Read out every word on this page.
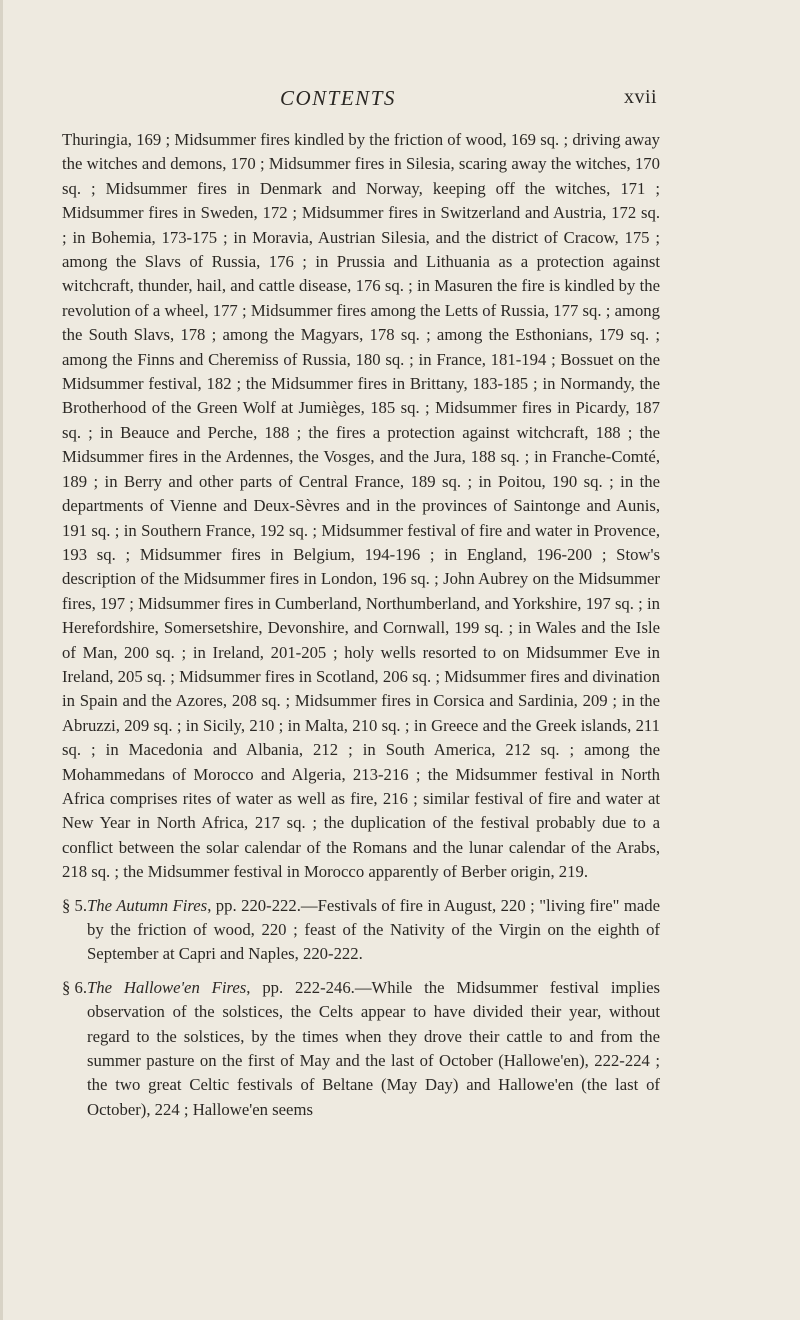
CONTENTS	xvii

Thuringia, 169 ; Midsummer fires kindled by the friction of wood, 169 sq. ; driving away the witches and demons, 170 ; Midsummer fires in Silesia, scaring away the witches, 170 sq. ; Midsummer fires in Denmark and Norway, keeping off the witches, 171 ; Midsummer fires in Sweden, 172 ; Midsummer fires in Switzerland and Austria, 172 sq. ; in Bohemia, 173-175 ; in Moravia, Austrian Silesia, and the district of Cracow, 175 ; among the Slavs of Russia, 176 ; in Prussia and Lithuania as a protection against witchcraft, thunder, hail, and cattle disease, 176 sq. ; in Masuren the fire is kindled by the revolution of a wheel, 177 ; Midsummer fires among the Letts of Russia, 177 sq. ; among the South Slavs, 178 ; among the Magyars, 178 sq. ; among the Esthonians, 179 sq. ; among the Finns and Cheremiss of Russia, 180 sq. ; in France, 181-194 ; Bossuet on the Midsummer festival, 182 ; the Midsummer fires in Brittany, 183-185 ; in Normandy, the Brotherhood of the Green Wolf at Jumièges, 185 sq. ; Midsummer fires in Picardy, 187 sq. ; in Beauce and Perche, 188 ; the fires a protection against witchcraft, 188 ; the Midsummer fires in the Ardennes, the Vosges, and the Jura, 188 sq. ; in Franche-Comté, 189 ; in Berry and other parts of Central France, 189 sq. ; in Poitou, 190 sq. ; in the departments of Vienne and Deux-Sèvres and in the provinces of Saintonge and Aunis, 191 sq. ; in Southern France, 192 sq. ; Midsummer festival of fire and water in Provence, 193 sq. ; Midsummer fires in Belgium, 194-196 ; in England, 196-200 ; Stow's description of the Midsummer fires in London, 196 sq. ; John Aubrey on the Midsummer fires, 197 ; Midsummer fires in Cumberland, Northumberland, and Yorkshire, 197 sq. ; in Herefordshire, Somersetshire, Devonshire, and Cornwall, 199 sq. ; in Wales and the Isle of Man, 200 sq. ; in Ireland, 201-205 ; holy wells resorted to on Midsummer Eve in Ireland, 205 sq. ; Midsummer fires in Scotland, 206 sq. ; Midsummer fires and divination in Spain and the Azores, 208 sq. ; Midsummer fires in Corsica and Sardinia, 209 ; in the Abruzzi, 209 sq. ; in Sicily, 210 ; in Malta, 210 sq. ; in Greece and the Greek islands, 211 sq. ; in Macedonia and Albania, 212 ; in South America, 212 sq. ; among the Mohammedans of Morocco and Algeria, 213-216 ; the Midsummer festival in North Africa comprises rites of water as well as fire, 216 ; similar festival of fire and water at New Year in North Africa, 217 sq. ; the duplication of the festival probably due to a conflict between the solar calendar of the Romans and the lunar calendar of the Arabs, 218 sq. ; the Midsummer festival in Morocco apparently of Berber origin, 219.

§ 5. The Autumn Fires, pp. 220-222.—Festivals of fire in August, 220 ; "living fire" made by the friction of wood, 220 ; feast of the Nativity of the Virgin on the eighth of September at Capri and Naples, 220-222.
§ 6. The Hallowe'en Fires, pp. 222-246.—While the Midsummer festival implies observation of the solstices, the Celts appear to have divided their year, without regard to the solstices, by the times when they drove their cattle to and from the summer pasture on the first of May and the last of October (Hallowe'en), 222-224 ; the two great Celtic festivals of Beltane (May Day) and Hallowe'en (the last of October), 224 ; Hallowe'en seems
